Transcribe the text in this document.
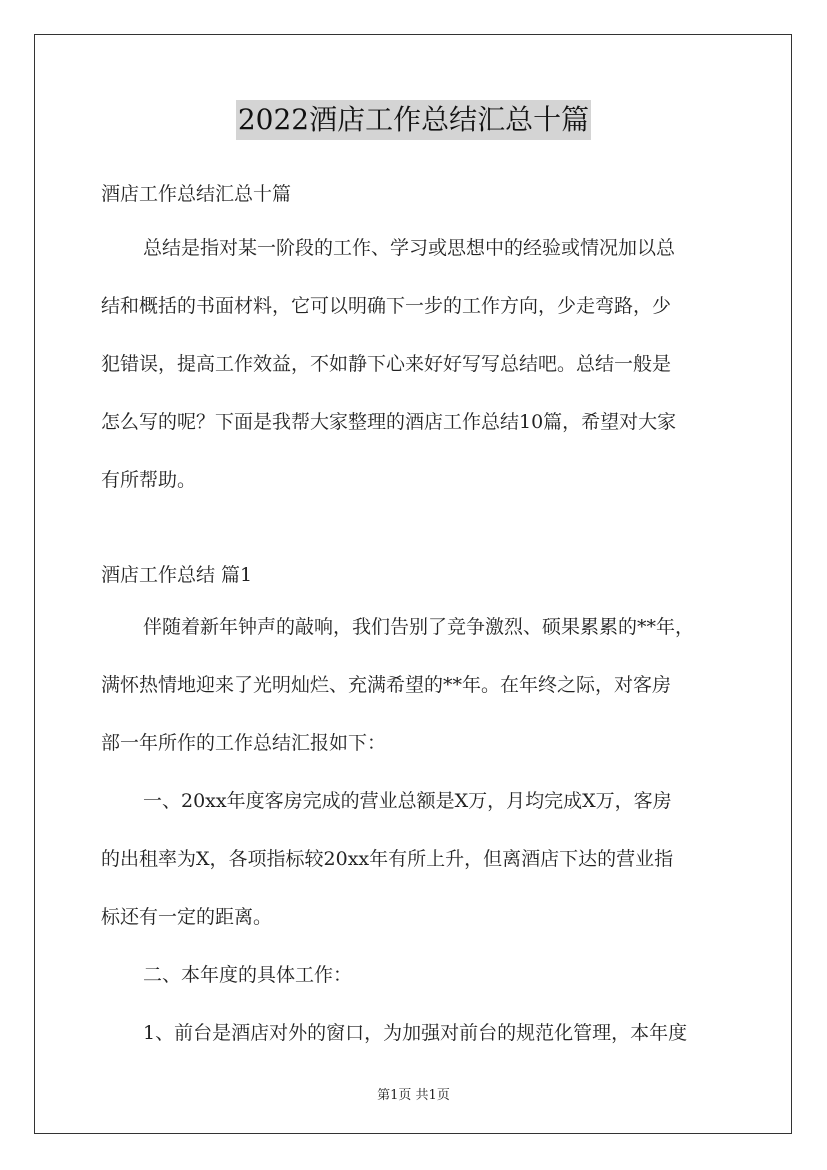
2022酒店工作总结汇总十篇
酒店工作总结汇总十篇
总结是指对某一阶段的工作、学习或思想中的经验或情况加以总
结和概括的书面材料，它可以明确下一步的工作方向，少走弯路，少
犯错误，提高工作效益，不如静下心来好好写写总结吧。总结一般是
怎么写的呢？下面是我帮大家整理的酒店工作总结10篇，希望对大家
有所帮助。
酒店工作总结 篇1
伴随着新年钟声的敲响，我们告别了竞争激烈、硕果累累的**年，
满怀热情地迎来了光明灿烂、充满希望的**年。在年终之际，对客房
部一年所作的工作总结汇报如下：
一、20xx年度客房完成的营业总额是X万，月均完成X万，客房
的出租率为X，各项指标较20xx年有所上升，但离酒店下达的营业指
标还有一定的距离。
二、本年度的具体工作：
1、前台是酒店对外的窗口，为加强对前台的规范化管理，本年度
第1页 共1页
